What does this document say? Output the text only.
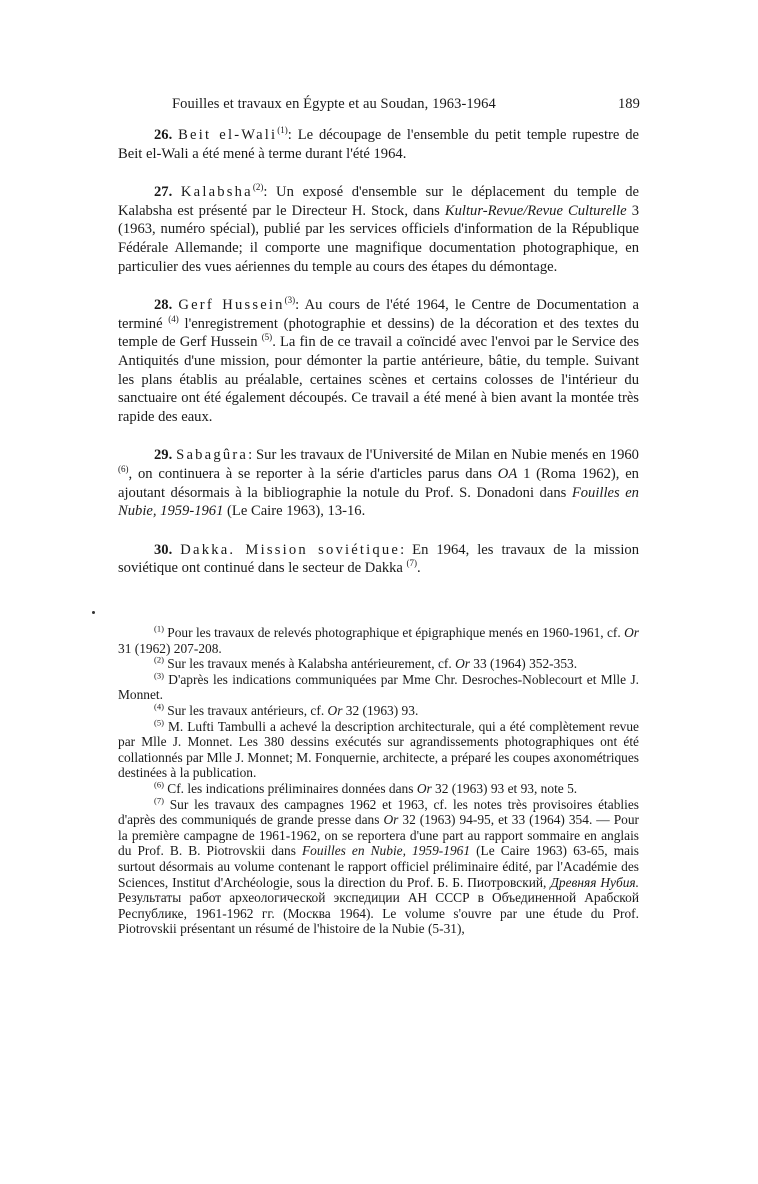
Fouilles et travaux en Égypte et au Soudan, 1963-1964	189

26. Beit el-Wali$^{(1)}$: Le découpage de l'ensemble du petit temple rupestre de Beit el-Wali a été mené à terme durant l'été 1964.

27. Kalabsha$^{(2)}$: Un exposé d'ensemble sur le déplacement du temple de Kalabsha est présenté par le Directeur H. Stock, dans Kultur-Revue/Revue Culturelle 3 (1963, numéro spécial), publié par les services officiels d'information de la République Fédérale Allemande; il comporte une magnifique documentation photographique, en particulier des vues aériennes du temple au cours des étapes du démontage.

28. Gerf Hussein$^{(3)}$: Au cours de l'été 1964, le Centre de Documentation a terminé $^{(4)}$ l'enregistrement (photographie et dessins) de la décoration et des textes du temple de Gerf Hussein $^{(5)}$. La fin de ce travail a coïncidé avec l'envoi par le Service des Antiquités d'une mission, pour démonter la partie antérieure, bâtie, du temple. Suivant les plans établis au préalable, certaines scènes et certains colosses de l'intérieur du sanctuaire ont été également découpés. Ce travail a été mené à bien avant la montée très rapide des eaux.

29. Sabagûra: Sur les travaux de l'Université de Milan en Nubie menés en 1960 $^{(6)}$, on continuera à se reporter à la série d'articles parus dans OA 1 (Roma 1962), en ajoutant désormais à la bibliographie la notule du Prof. S. Donadoni dans Fouilles en Nubie, 1959-1961 (Le Caire 1963), 13-16.

30. Dakka. Mission soviétique: En 1964, les travaux de la mission soviétique ont continué dans le secteur de Dakka $^{(7)}$.

$^{(1)}$ Pour les travaux de relevés photographique et épigraphique menés en 1960-1961, cf. Or 31 (1962) 207-208.

$^{(2)}$ Sur les travaux menés à Kalabsha antérieurement, cf. Or 33 (1964) 352-353.

$^{(3)}$ D'après les indications communiquées par Mme Chr. Desroches-Noblecourt et Mlle J. Monnet.

$^{(4)}$ Sur les travaux antérieurs, cf. Or 32 (1963) 93.

$^{(5)}$ M. Lufti Tambulli a achevé la description architecturale, qui a été complètement revue par Mlle J. Monnet. Les 380 dessins exécutés sur agrandissements photographiques ont été collationnés par Mlle J. Monnet; M. Fonquernie, architecte, a préparé les coupes axonométriques destinées à la publication.

$^{(6)}$ Cf. les indications préliminaires données dans Or 32 (1963) 93 et 93, note 5.

$^{(7)}$ Sur les travaux des campagnes 1962 et 1963, cf. les notes très provisoires établies d'après des communiqués de grande presse dans Or 32 (1963) 94-95, et 33 (1964) 354. — Pour la première campagne de 1961-1962, on se reportera d'une part au rapport sommaire en anglais du Prof. B. B. Piotrovskii dans Fouilles en Nubie, 1959-1961 (Le Caire 1963) 63-65, mais surtout désormais au volume contenant le rapport officiel préliminaire édité, par l'Académie des Sciences, Institut d'Archéologie, sous la direction du Prof. Б. Б. Пиотровский, Древняя Нубия. Результаты работ археологической экспедиции АН СССР в Объединенной Арабской Республике, 1961-1962 гг. (Москва 1964). Le volume s'ouvre par une étude du Prof. Piotrovskii présentant un résumé de l'histoire de la Nubie (5-31),
